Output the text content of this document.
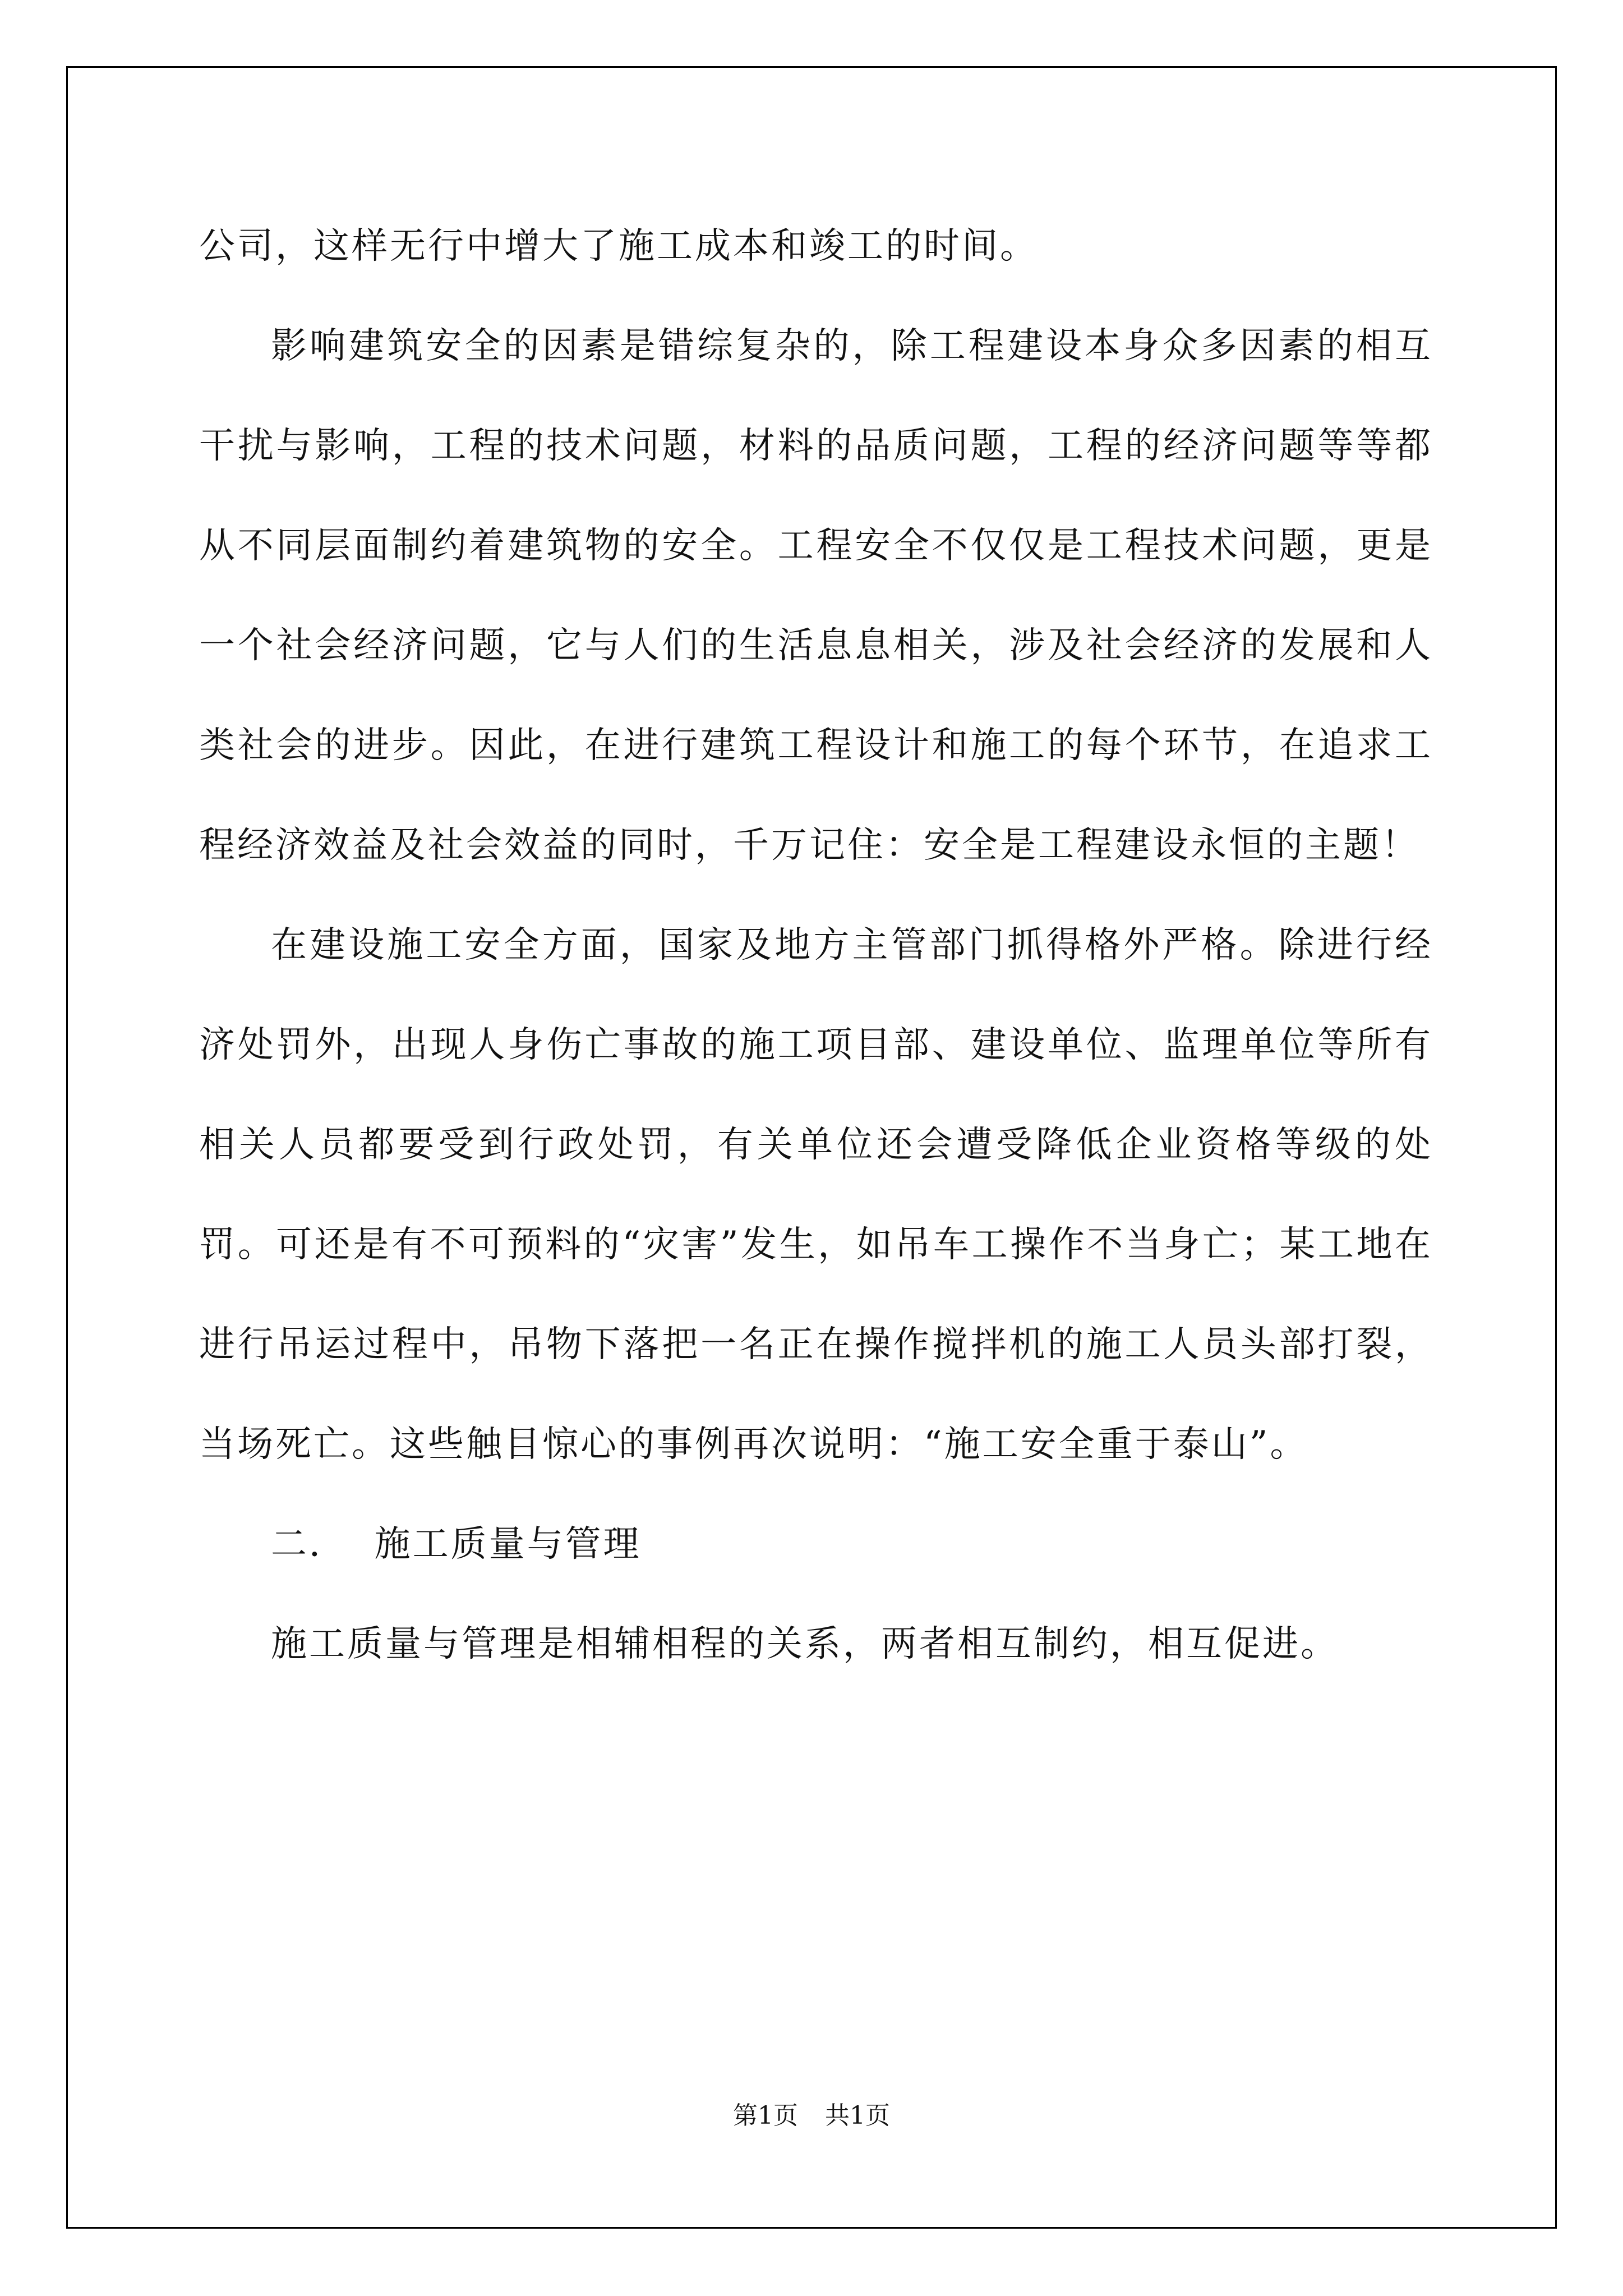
公司，这样无行中增大了施工成本和竣工的时间。

影响建筑安全的因素是错综复杂的，除工程建设本身众多因素的相互干扰与影响，工程的技术问题，材料的品质问题，工程的经济问题等等都从不同层面制约着建筑物的安全。工程安全不仅仅是工程技术问题，更是一个社会经济问题，它与人们的生活息息相关，涉及社会经济的发展和人类社会的进步。因此，在进行建筑工程设计和施工的每个环节，在追求工程经济效益及社会效益的同时，千万记住：安全是工程建设永恒的主题！

在建设施工安全方面，国家及地方主管部门抓得格外严格。除进行经济处罚外，出现人身伤亡事故的施工项目部、建设单位、监理单位等所有相关人员都要受到行政处罚，有关单位还会遭受降低企业资格等级的处罚。可还是有不可预料的“灾害”发生，如吊车工操作不当身亡；某工地在进行吊运过程中，吊物下落把一名正在操作搅拌机的施工人员头部打裂，当场死亡。这些触目惊心的事例再次说明：“施工安全重于泰山”。

二．  施工质量与管理

施工质量与管理是相辅相程的关系，两者相互制约，相互促进。

第1页 共1页
